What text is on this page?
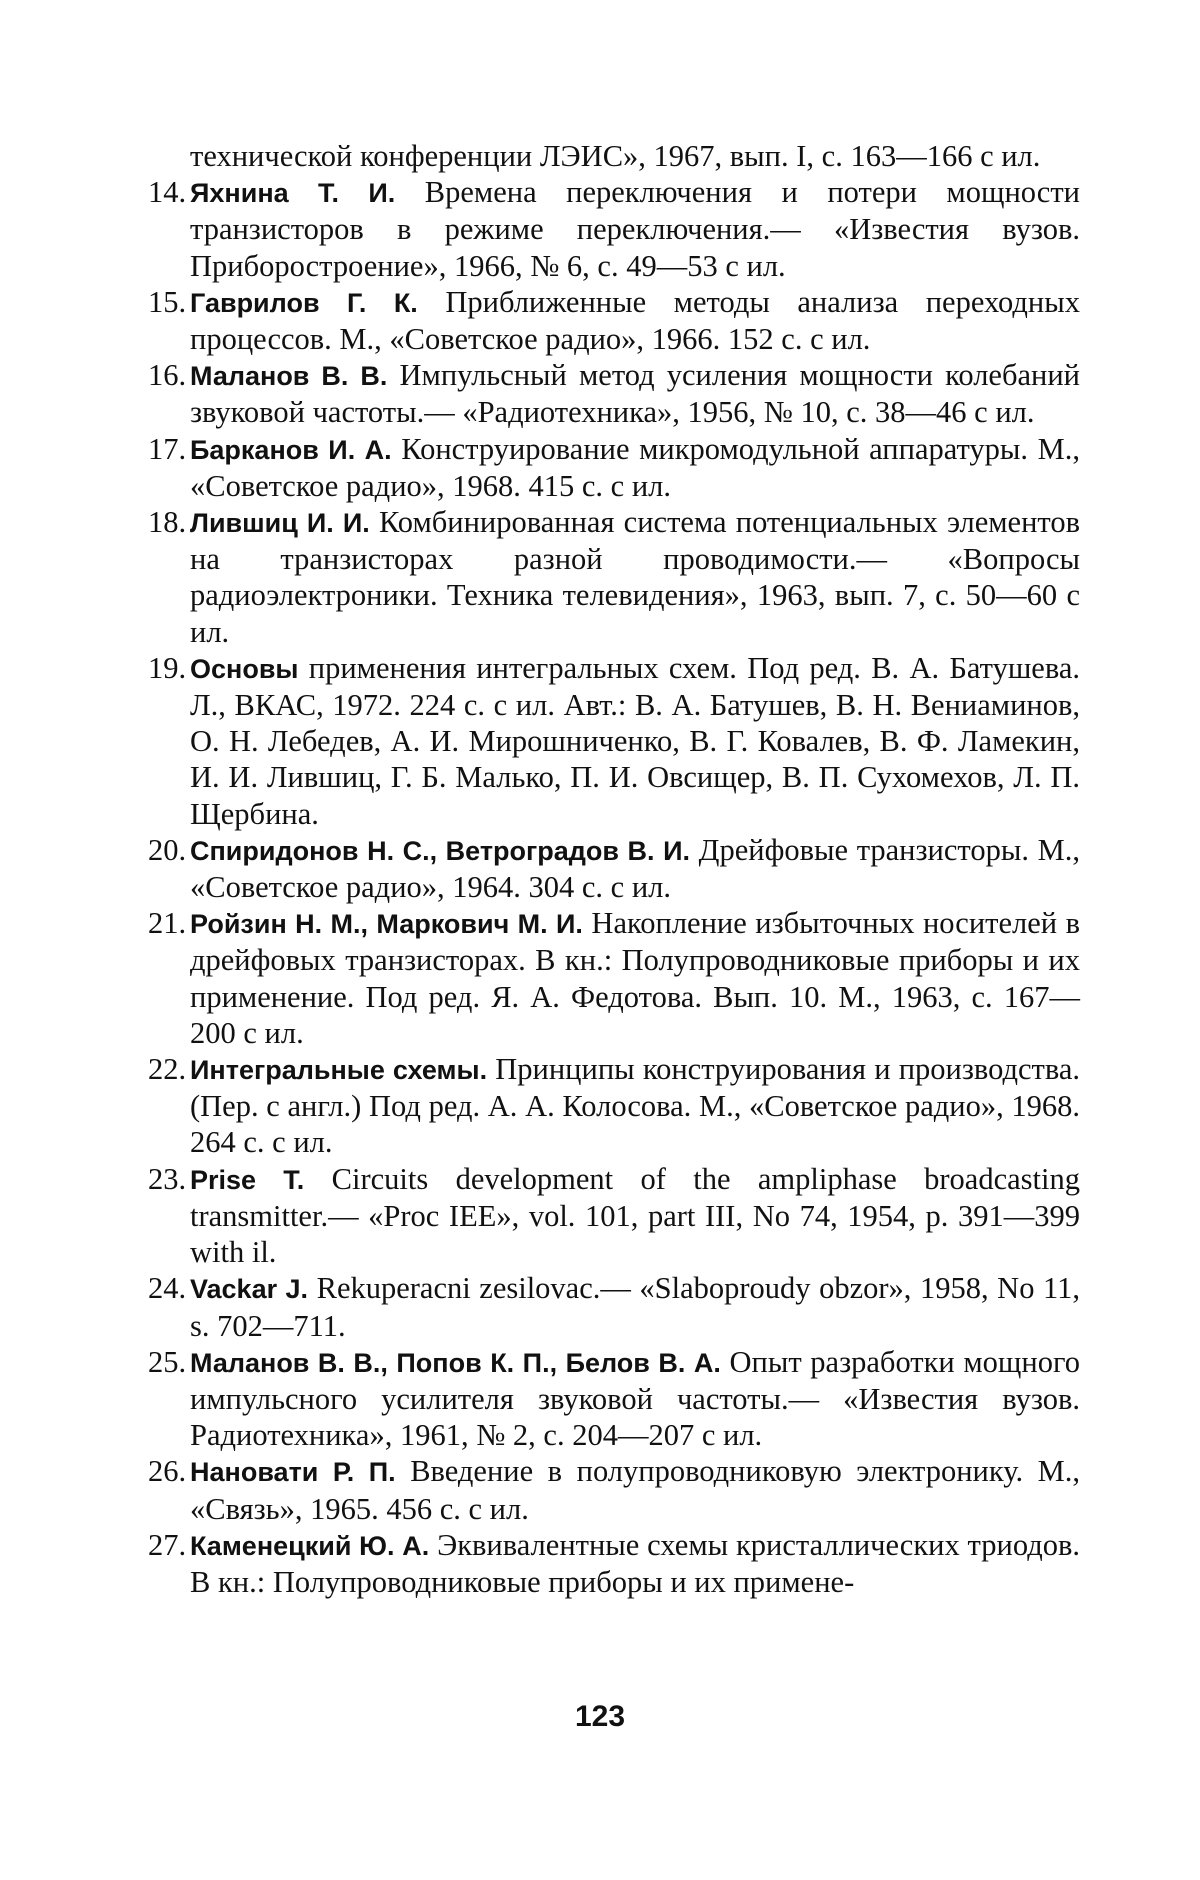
технической конференции ЛЭИС», 1967, вып. I, с. 163—166 с ил.
14. Яхнина Т. И. Времена переключения и потери мощности транзисторов в режиме переключения.— «Известия вузов. Приборостроение», 1966, № 6, с. 49—53 с ил.
15. Гаврилов Г. К. Приближенные методы анализа переходных процессов. М., «Советское радио», 1966. 152 с. с ил.
16. Маланов В. В. Импульсный метод усиления мощности колебаний звуковой частоты.— «Радиотехника», 1956, № 10, с. 38—46 с ил.
17. Барканов И. А. Конструирование микромодульной аппаратуры. М., «Советское радио», 1968. 415 с. с ил.
18. Лившиц И. И. Комбинированная система потенциальных элементов на транзисторах разной проводимости.— «Вопросы радиоэлектроники. Техника телевидения», 1963, вып. 7, с. 50—60 с ил.
19. Основы применения интегральных схем. Под ред. В. А. Батушева. Л., ВКАС, 1972. 224 с. с ил. Авт.: В. А. Батушев, В. Н. Вениаминов, О. Н. Лебедев, А. И. Мирошниченко, В. Г. Ковалев, В. Ф. Ламекин, И. И. Лившиц, Г. Б. Малько, П. И. Овсищер, В. П. Сухомехов, Л. П. Щербина.
20. Спиридонов Н. С., Ветроградов В. И. Дрейфовые транзисторы. М., «Советское радио», 1964. 304 с. с ил.
21. Ройзин Н. М., Маркович М. И. Накопление избыточных носителей в дрейфовых транзисторах. В кн.: Полупроводниковые приборы и их применение. Под ред. Я. А. Федотова. Вып. 10. М., 1963, с. 167—200 с ил.
22. Интегральные схемы. Принципы конструирования и производства. (Пер. с англ.) Под ред. А. А. Колосова. М., «Советское радио», 1968. 264 с. с ил.
23. Prise T. Circuits development of the ampliphase broadcasting transmitter.— «Proc IEE», vol. 101, part III, No 74, 1954, p. 391—399 with il.
24. Vackar J. Rekuperacni zesilovac.— «Slaboproudy obzor», 1958, No 11, s. 702—711.
25. Маланов В. В., Попов К. П., Белов В. А. Опыт разработки мощного импульсного усилителя звуковой частоты.— «Известия вузов. Радиотехника», 1961, № 2, с. 204—207 с ил.
26. Нановати Р. П. Введение в полупроводниковую электронику. М., «Связь», 1965. 456 с. с ил.
27. Каменецкий Ю. А. Эквивалентные схемы кристаллических триодов. В кн.: Полупроводниковые приборы и их примене-
123
